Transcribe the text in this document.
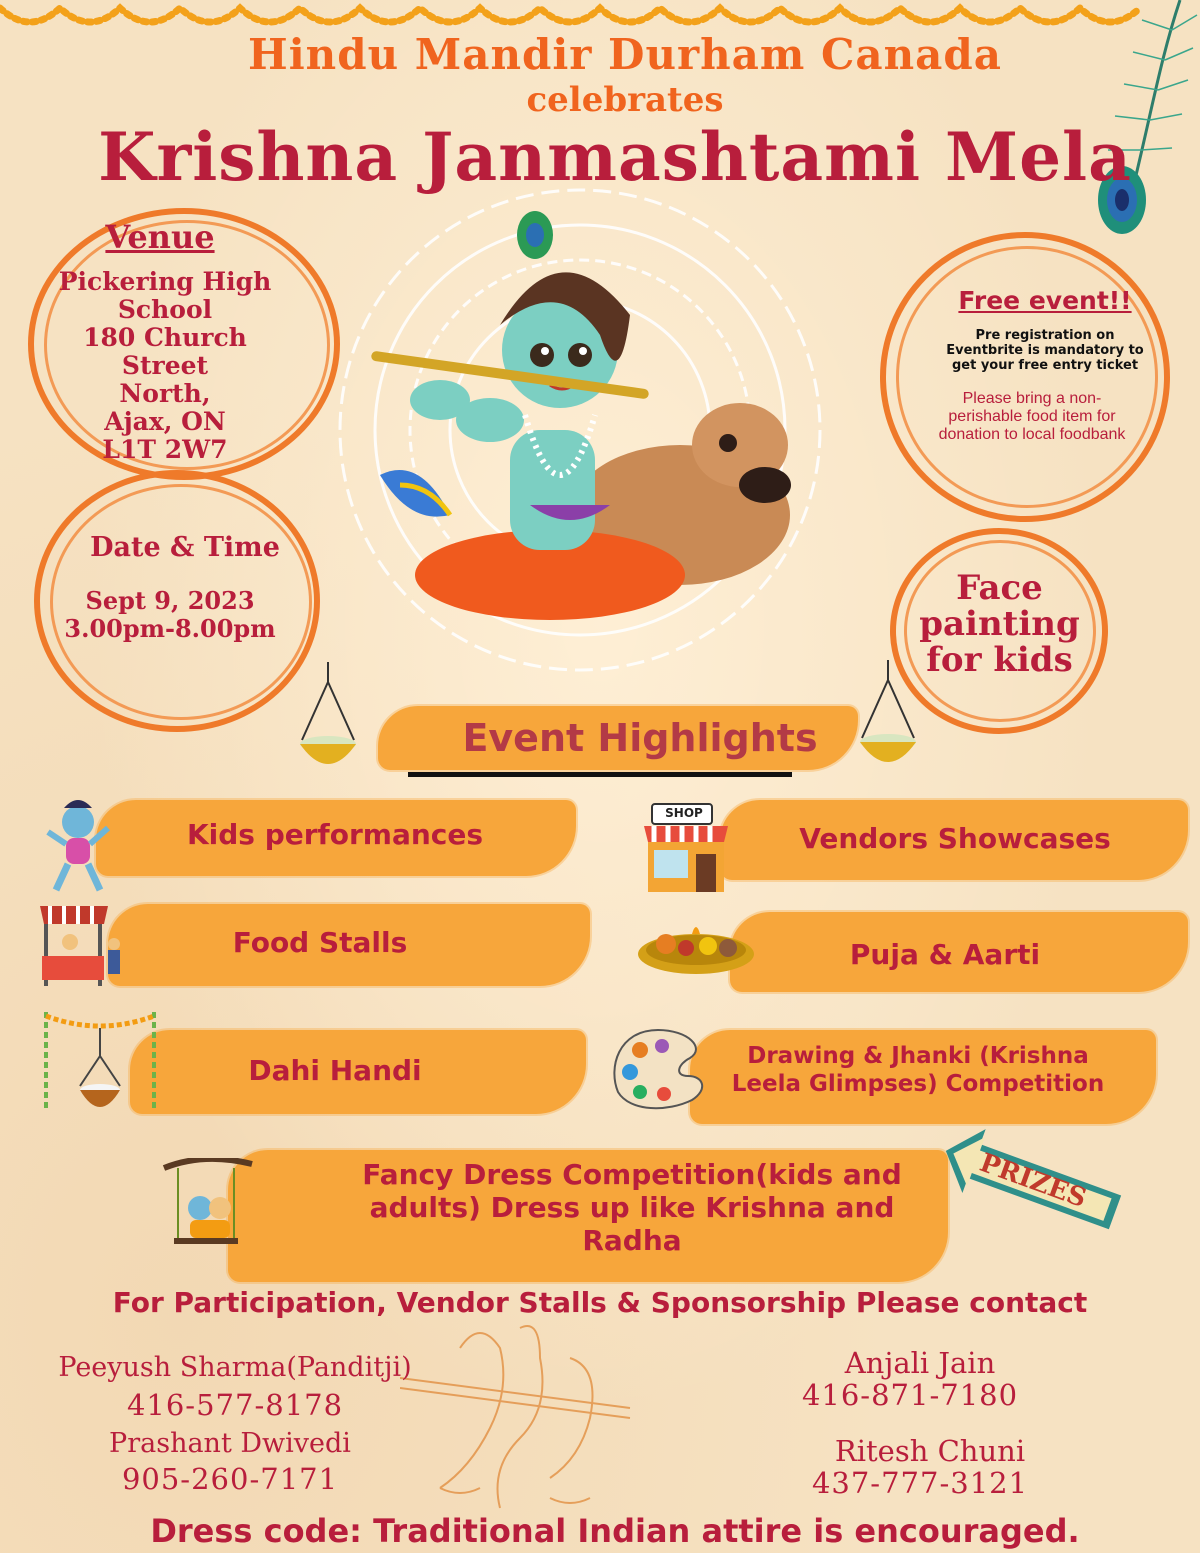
Hindu Mandir Durham Canada
celebrates
Krishna Janmashtami Mela
Venue
Pickering High
School
180 Church Street
North,
Ajax, ON
L1T 2W7
Date & Time
Sept 9, 2023
3.00pm-8.00pm
Free event!!
Pre registration on Eventbrite is mandatory to get your free entry ticket
Please bring a non-perishable food item for donation to local foodbank
Face painting for kids
Event Highlights
Kids performances	Vendors Showcases
SHOP
Food Stalls	Puja & Aarti
Dahi Handi	Drawing & Jhanki (Krishna Leela Glimpses) Competition
Fancy Dress Competition(kids and adults) Dress up like Krishna and Radha
PRIZES
For Participation, Vendor Stalls & Sponsorship Please contact
Peeyush Sharma(Panditji)
416-577-8178
Prashant Dwivedi
905-260-7171
Anjali Jain
416-871-7180
Ritesh Chuni
437-777-3121
Dress code: Traditional Indian attire is encouraged.
